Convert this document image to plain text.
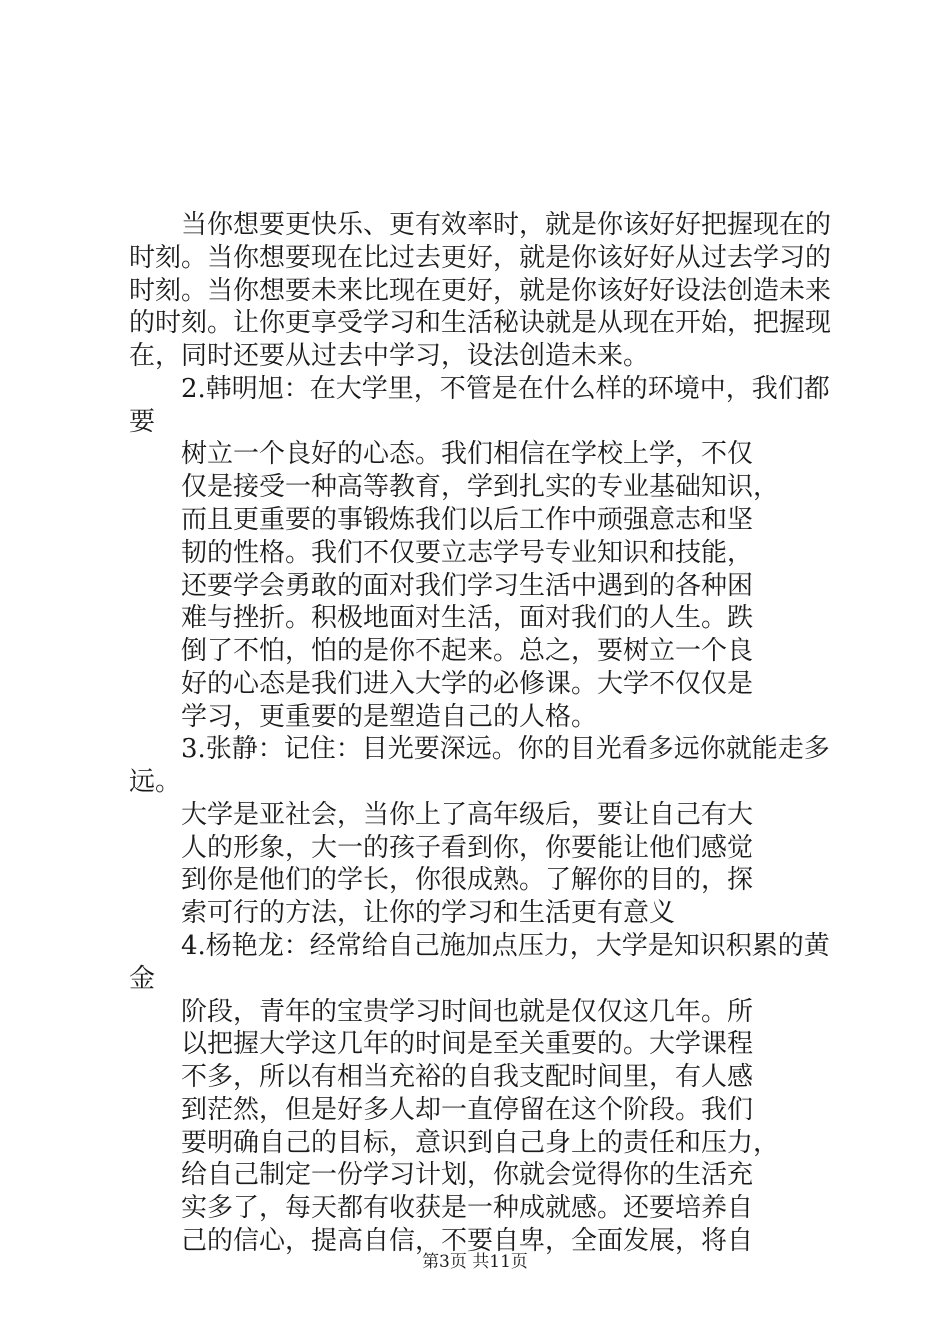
当你想要更快乐、更有效率时，就是你该好好把握现在的
时刻。当你想要现在比过去更好，就是你该好好从过去学习的
时刻。当你想要未来比现在更好，就是你该好好设法创造未来
的时刻。让你更享受学习和生活秘诀就是从现在开始，把握现
在，同时还要从过去中学习，设法创造未来。
2.韩明旭：在大学里，不管是在什么样的环境中，我们都
要
树立一个良好的心态。我们相信在学校上学，不仅
仅是接受一种高等教育，学到扎实的专业基础知识，
而且更重要的事锻炼我们以后工作中顽强意志和坚
韧的性格。我们不仅要立志学号专业知识和技能，
还要学会勇敢的面对我们学习生活中遇到的各种困
难与挫折。积极地面对生活，面对我们的人生。跌
倒了不怕，怕的是你不起来。总之，要树立一个良
好的心态是我们进入大学的必修课。大学不仅仅是
学习，更重要的是塑造自己的人格。
3.张静：记住：目光要深远。你的目光看多远你就能走多
远。
大学是亚社会，当你上了高年级后，要让自己有大
人的形象，大一的孩子看到你，你要能让他们感觉
到你是他们的学长，你很成熟。了解你的目的，探
索可行的方法，让你的学习和生活更有意义
4.杨艳龙：经常给自己施加点压力，大学是知识积累的黄
金
阶段，青年的宝贵学习时间也就是仅仅这几年。所
以把握大学这几年的时间是至关重要的。大学课程
不多，所以有相当充裕的自我支配时间里，有人感
到茫然，但是好多人却一直停留在这个阶段。我们
要明确自己的目标，意识到自己身上的责任和压力，
给自己制定一份学习计划，你就会觉得你的生活充
实多了，每天都有收获是一种成就感。还要培养自
己的信心，提高自信，不要自卑，全面发展，将自
第3页 共11页
